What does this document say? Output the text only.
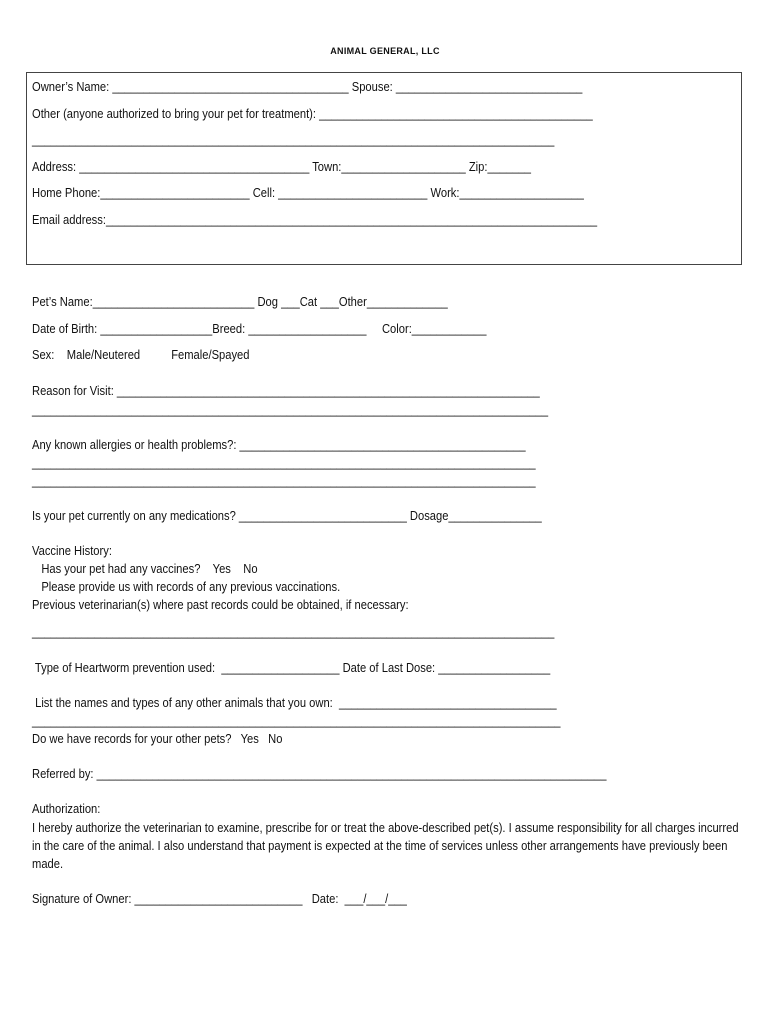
ANIMAL GENERAL, LLC
Owner’s Name: ______________________________________ Spouse: ______________________________
Other (anyone authorized to bring your pet for treatment): ____________________________________________
____________________________________________________________________________________
Address: _____________________________________ Town:____________________ Zip:_______
Home Phone:________________________ Cell: ________________________ Work:____________________
Email address:_______________________________________________________________________________
Pet’s Name:__________________________ Dog ___Cat ___Other_____________
Date of Birth: __________________Breed: ___________________     Color:____________
Sex:    Male/Neutered          Female/Spayed
Reason for Visit: ____________________________________________________________________
___________________________________________________________________________________
Any known allergies or health problems?: ______________________________________________
_________________________________________________________________________________
_________________________________________________________________________________
Is your pet currently on any medications? ___________________________ Dosage_______________
Vaccine History:
Has your pet had any vaccines?    Yes    No
Please provide us with records of any previous vaccinations.
Previous veterinarian(s) where past records could be obtained, if necessary:
____________________________________________________________________________________
Type of Heartworm prevention used:  ___________________ Date of Last Dose: __________________
List the names and types of any other animals that you own:  ___________________________________
_____________________________________________________________________________________
Do we have records for your other pets?   Yes   No
Referred by: __________________________________________________________________________________
Authorization:
I hereby authorize the veterinarian to examine, prescribe for or treat the above-described pet(s). I assume responsibility for all charges incurred in the care of the animal. I also understand that payment is expected at the time of services unless other arrangements have previously been made.
Signature of Owner: ___________________________   Date:  ___/___/___
